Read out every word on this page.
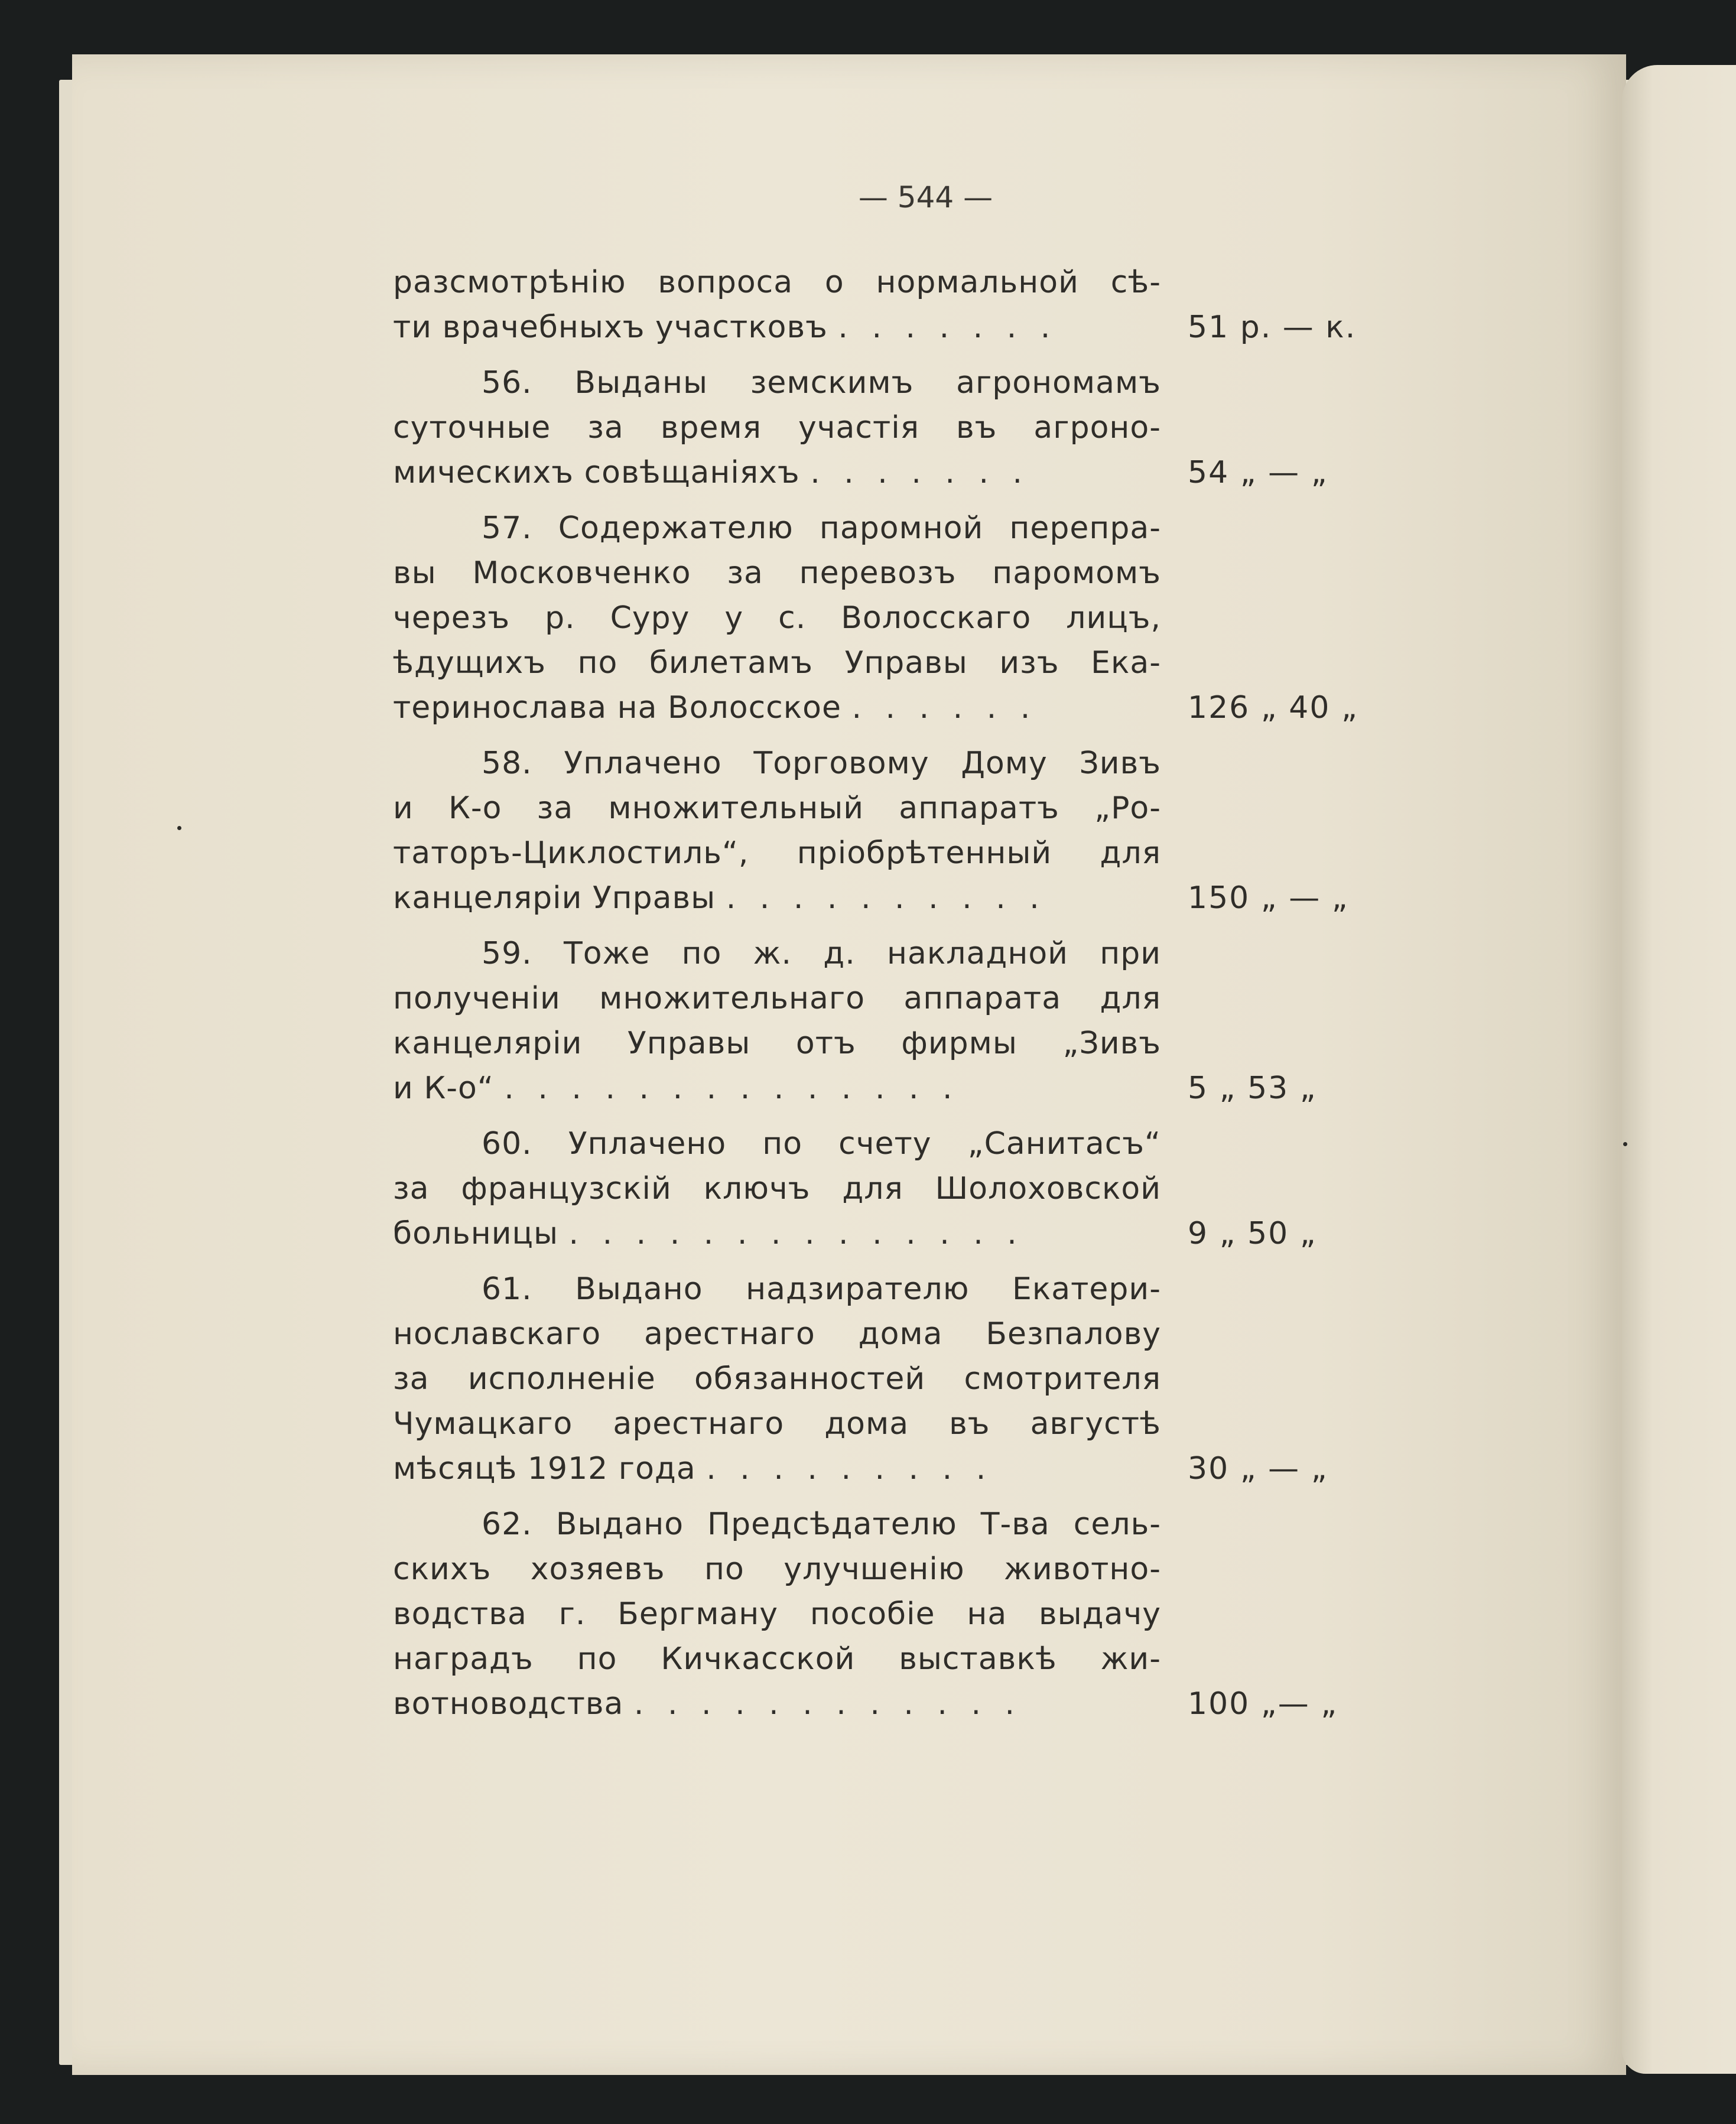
— 544 —
разсмотрѣнію вопроса о нормальной сѣ-
ти врачебныхъ участковъ . . . . . . .	51 р. — к.
56. Выданы земскимъ агрономамъ
суточные за время участія въ агроно-
мическихъ совѣщаніяхъ . . . . . . .	54 „ — „
57. Содержателю паромной перепра-
вы Московченко за перевозъ паромомъ
черезъ р. Суру у с. Волосскаго лицъ,
ѣдущихъ по билетамъ Управы изъ Ека-
теринослава на Волосское . . . . . .	126 „ 40 „
58. Уплачено Торговому Дому Зивъ
и К-о за множительный аппаратъ „Ро-
таторъ-Циклостиль“, пріобрѣтенный для
канцеляріи Управы . . . . . . . . . .	150 „ — „
59. Тоже по ж. д. накладной при
полученіи множительнаго аппарата для
канцеляріи Управы отъ фирмы „Зивъ
и К-о“ . . . . . . . . . . . . . .	5 „ 53 „
60. Уплачено по счету „Санитасъ“
за французскій ключъ для Шолоховской
больницы . . . . . . . . . . . . . .	9 „ 50 „
61. Выдано надзирателю Екатери-
нославскаго арестнаго дома Безпалову
за исполненіе обязанностей смотрителя
Чумацкаго арестнаго дома въ августѣ
мѣсяцѣ 1912 года . . . . . . . . .	30 „ — „
62. Выдано Предсѣдателю Т-ва сель-
скихъ хозяевъ по улучшенію животно-
водства г. Бергману пособіе на выдачу
наградъ по Кичкасской выставкѣ жи-
вотноводства . . . . . . . . . . . .	100 „— „
